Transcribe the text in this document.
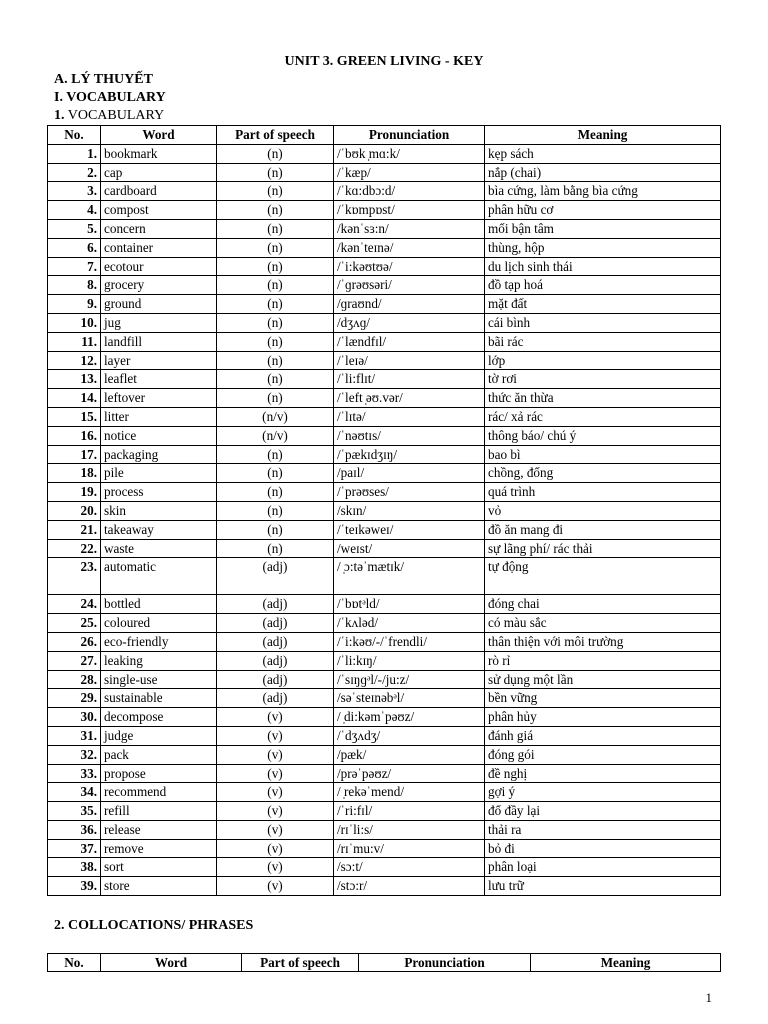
UNIT 3. GREEN LIVING - KEY
A. LÝ THUYẾT
I. VOCABULARY
1. VOCABULARY
No.	Word	Part of speech	Pronunciation	Meaning
1.	bookmark	(n)	/ˈbʊk ̩mɑ:k/	kẹp sách
2.	cap	(n)	/ˈkæp/	nắp (chai)
3.	cardboard	(n)	/ˈkɑ:dbɔ:d/	bìa cứng, làm bằng bìa cứng
4.	compost	(n)	/ˈkɒmpɒst/	phân hữu cơ
5.	concern	(n)	/kənˈsɜ:n/	mối bận tâm
6.	container	(n)	/kənˈteɪnə/	thùng, hộp
7.	ecotour	(n)	/ˈi:kəʊtʊə/	du lịch sinh thái
8.	grocery	(n)	/ˈɡrəʊsəri/	đồ tạp hoá
9.	ground	(n)	/ɡraʊnd/	mặt đất
10.	jug	(n)	/dʒʌɡ/	cái bình
11.	landfill	(n)	/ˈlændfɪl/	bãi rác
12.	layer	(n)	/ˈleɪə/	lớp
13.	leaflet	(n)	/ˈli:flɪt/	tờ rơi
14.	leftover	(n)	/ˈleft ̩əʊ.vər/	thức ăn thừa
15.	litter	(n/v)	/ˈlɪtə/	rác/ xả rác
16.	notice	(n/v)	/ˈnəʊtɪs/	thông báo/ chú ý
17.	packaging	(n)	/ˈpækɪdʒɪŋ/	bao bì
18.	pile	(n)	/paɪl/	chồng, đống
19.	process	(n)	/ˈprəʊses/	quá trình
20.	skin	(n)	/skɪn/	vỏ
21.	takeaway	(n)	/ˈteɪkəweɪ/	đồ ăn mang đi
22.	waste	(n)	/weɪst/	sự lãng phí/ rác thải
23.	automatic	(adj)	/ ̩ɔ:təˈmætɪk/	tự động
24.	bottled	(adj)	/ˈbɒtᵊld/	đóng chai
25.	coloured	(adj)	/ˈkʌləd/	có màu sắc
26.	eco-friendly	(adj)	/ˈi:kəʊ/-/ˈfrendli/	thân thiện với môi trường
27.	leaking	(adj)	/ˈli:kɪŋ/	rò rỉ
28.	single-use	(adj)	/ˈsɪŋɡᵊl/-/ju:z/	sử dụng một lần
29.	sustainable	(adj)	/səˈsteɪnəbᵊl/	bền vững
30.	decompose	(v)	/ ̩di:kəmˈpəʊz/	phân hủy
31.	judge	(v)	/ˈdʒʌdʒ/	đánh giá
32.	pack	(v)	/pæk/	đóng gói
33.	propose	(v)	/prəˈpəʊz/	đề nghị
34.	recommend	(v)	/ ̩rekəˈmend/	gợi ý
35.	refill	(v)	/ˈri:fɪl/	đổ đầy lại
36.	release	(v)	/rɪˈli:s/	thải ra
37.	remove	(v)	/rɪˈmu:v/	bỏ đi
38.	sort	(v)	/sɔ:t/	phân loại
39.	store	(v)	/stɔ:r/	lưu trữ
2. COLLOCATIONS/ PHRASES
No.	Word	Part of speech	Pronunciation	Meaning
1
